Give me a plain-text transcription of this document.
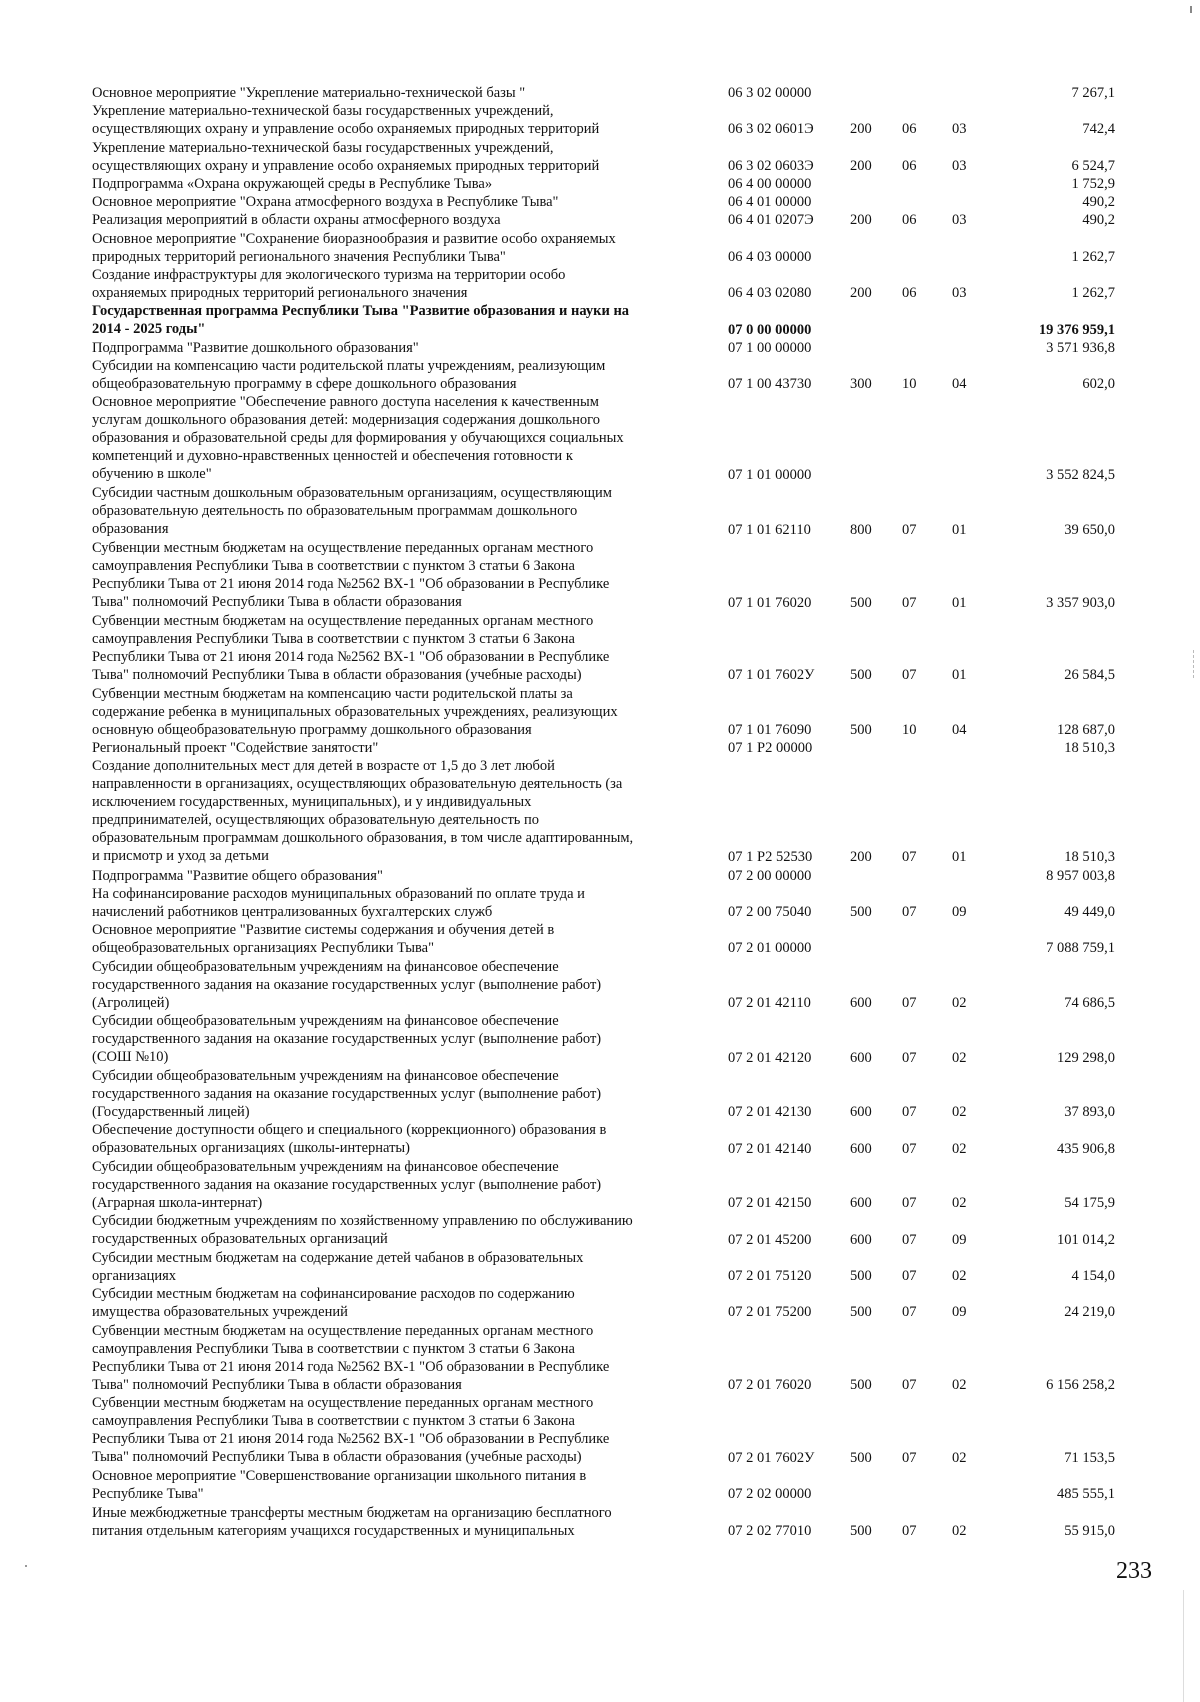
Основное мероприятие "Укрепление материально-технической базы "	06 3 02 00000	7 267,1
Укрепление материально-технической базы государственных учреждений,
осуществляющих охрану и управление особо охраняемых природных территорий	06 3 02 0601Э	200 06 03	742,4
Укрепление материально-технической базы государственных учреждений,
осуществляющих охрану и управление особо охраняемых природных территорий	06 3 02 0603Э	200 06 03	6 524,7
Подпрограмма «Охрана окружающей среды в Республике Тыва»	06 4 00 00000	1 752,9
Основное мероприятие "Охрана атмосферного воздуха в Республике Тыва"	06 4 01 00000	490,2
Реализация мероприятий в области охраны атмосферного воздуха	06 4 01 0207Э	200 06 03	490,2
Основное мероприятие "Сохранение биоразнообразия и развитие особо охраняемых
природных территорий регионального значения Республики Тыва"	06 4 03 00000	1 262,7
Создание инфраструктуры для экологического туризма на территории особо
охраняемых природных территорий регионального значения	06 4 03 02080	200 06 03	1 262,7
Государственная программа Республики Тыва "Развитие образования и науки на
2014 - 2025 годы"	07 0 00 00000	19 376 959,1
Подпрограмма "Развитие дошкольного образования"	07 1 00 00000	3 571 936,8
Субсидии на компенсацию части родительской платы учреждениям, реализующим
общеобразовательную программу в сфере дошкольного образования	07 1 00 43730	300 10 04	602,0
Основное мероприятие "Обеспечение равного доступа населения к качественным
услугам дошкольного образования детей: модернизация содержания дошкольного
образования и образовательной среды для формирования у обучающихся социальных
компетенций и духовно-нравственных ценностей и обеспечения готовности к
обучению в школе"	07 1 01 00000	3 552 824,5
Субсидии частным дошкольным образовательным организациям, осуществляющим
образовательную деятельность по образовательным программам дошкольного
образования	07 1 01 62110	800 07 01	39 650,0
Субвенции местным бюджетам на осуществление переданных органам местного
самоуправления Республики Тыва в соответствии с пунктом 3 статьи 6 Закона
Республики Тыва от 21 июня 2014 года №2562 ВХ-1 "Об образовании в Республике
Тыва" полномочий Республики Тыва в области образования	07 1 01 76020	500 07 01	3 357 903,0
Субвенции местным бюджетам на осуществление переданных органам местного
самоуправления Республики Тыва в соответствии с пунктом 3 статьи 6 Закона
Республики Тыва от 21 июня 2014 года №2562 ВХ-1 "Об образовании в Республике
Тыва" полномочий Республики Тыва в области образования (учебные расходы)	07 1 01 7602У 500 07 01	26 584,5
Субвенции местным бюджетам на компенсацию части родительской платы за
содержание ребенка в муниципальных образовательных учреждениях, реализующих
основную общеобразовательную программу дошкольного образования	07 1 01 76090	500 10 04	128 687,0
Региональный проект "Содействие занятости"	07 1 Р2 00000	18 510,3
Создание дополнительных мест для детей в возрасте от 1,5 до 3 лет любой
направленности в организациях, осуществляющих образовательную деятельность (за
исключением государственных, муниципальных), и у индивидуальных
предпринимателей, осуществляющих образовательную деятельность по
образовательным программам дошкольного образования, в том числе адаптированным,
и присмотр и уход за детьми	07 1 Р2 52530	200 07 01	18 510,3
Подпрограмма "Развитие общего образования"	07 2 00 00000	8 957 003,8
На софинансирование расходов муниципальных образований по оплате труда и
начислений работников централизованных бухгалтерских служб	07 2 00 75040	500 07 09	49 449,0
Основное мероприятие "Развитие системы содержания и обучения детей в
общеобразовательных организациях Республики Тыва"	07 2 01 00000	7 088 759,1
Субсидии общеобразовательным учреждениям на финансовое обеспечение
государственного задания на оказание государственных услуг (выполнение работ)
(Агролицей)	07 2 01 42110	600 07 02	74 686,5
Субсидии общеобразовательным учреждениям на финансовое обеспечение
государственного задания на оказание государственных услуг (выполнение работ)
(СОШ №10)	07 2 01 42120	600 07 02	129 298,0
Субсидии общеобразовательным учреждениям на финансовое обеспечение
государственного задания на оказание государственных услуг (выполнение работ)
(Государственный лицей)	07 2 01 42130	600 07 02	37 893,0
Обеспечение доступности общего и специального (коррекционного) образования в
образовательных организациях (школы-интернаты)	07 2 01 42140	600 07 02	435 906,8
Субсидии общеобразовательным учреждениям на финансовое обеспечение
государственного задания на оказание государственных услуг (выполнение работ)
(Аграрная школа-интернат)	07 2 01 42150	600 07 02	54 175,9
Субсидии бюджетным учреждениям по хозяйственному управлению по обслуживанию
государственных образовательных организаций	07 2 01 45200	600 07 09	101 014,2
Субсидии местным бюджетам на содержание детей чабанов в образовательных
организациях	07 2 01 75120	500 07 02	4 154,0
Субсидии местным бюджетам на софинансирование расходов по содержанию
имущества образовательных учреждений	07 2 01 75200	500 07 09	24 219,0
Субвенции местным бюджетам на осуществление переданных органам местного
самоуправления Республики Тыва в соответствии с пунктом 3 статьи 6 Закона
Республики Тыва от 21 июня 2014 года №2562 ВХ-1 "Об образовании в Республике
Тыва" полномочий Республики Тыва в области образования	07 2 01 76020	500 07 02	6 156 258,2
Субвенции местным бюджетам на осуществление переданных органам местного
самоуправления Республики Тыва в соответствии с пунктом 3 статьи 6 Закона
Республики Тыва от 21 июня 2014 года №2562 ВХ-1 "Об образовании в Республике
Тыва" полномочий Республики Тыва в области образования (учебные расходы)	07 2 01 7602У 500 07 02	71 153,5
Основное мероприятие "Совершенствование организации школьного питания в
Республике Тыва"	07 2 02 00000	485 555,1
Иные межбюджетные трансферты местным бюджетам на организацию бесплатного
питания отдельным категориям учащихся государственных и муниципальных	07 2 02 77010	500 07 02	55 915,0
233
